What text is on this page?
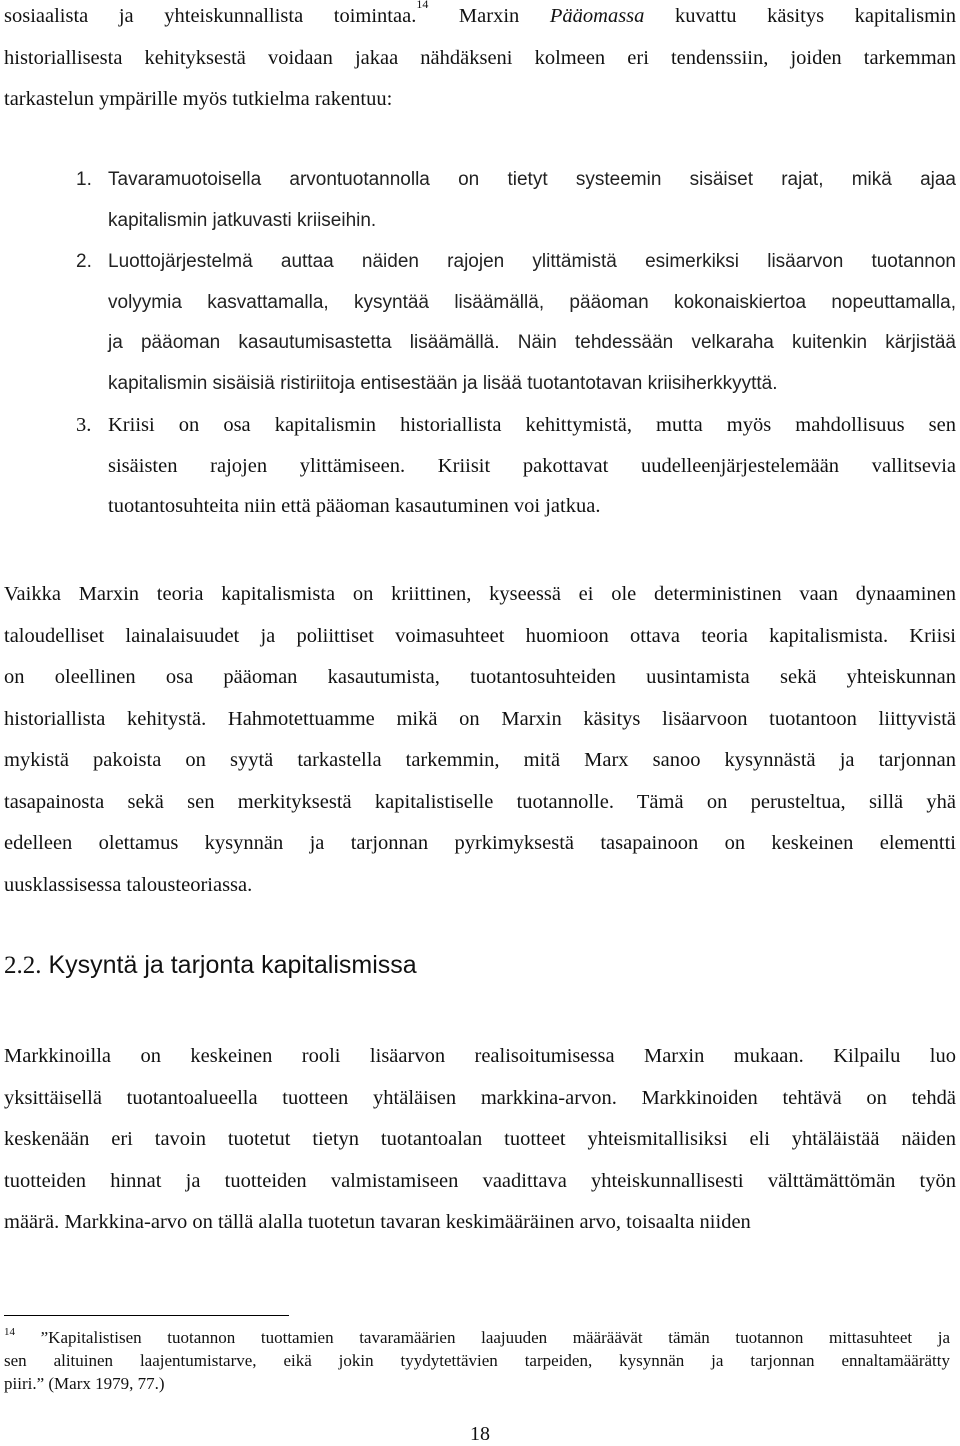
sosiaalista ja yhteiskunnallista toimintaa.$^{14}$ Marxin Pääomassa kuvattu käsitys kapitalismin
historiallisesta kehityksestä voidaan jakaa nähdäkseni kolmeen eri tendenssiin, joiden tarkemman
tarkastelun ympärille myös tutkielma rakentuu:

1. Tavaramuotoisella arvontuotannolla on tietyt systeemin sisäiset rajat, mikä ajaa
kapitalismin jatkuvasti kriiseihin.
2. Luottojärjestelmä auttaa näiden rajojen ylittämistä esimerkiksi lisäarvon tuotannon
volyymia kasvattamalla, kysyntää lisäämällä, pääoman kokonaiskiertoa nopeuttamalla,
ja pääoman kasautumisastetta lisäämällä. Näin tehdessään velkaraha kuitenkin kärjistää
kapitalismin sisäisiä ristiriitoja entisestään ja lisää tuotantotavan kriisiherkkyyttä.
3. Kriisi on osa kapitalismin historiallista kehittymistä, mutta myös mahdollisuus sen
sisäisten rajojen ylittämiseen. Kriisit pakottavat uudelleenjärjestelemään vallitsevia
tuotantosuhteita niin että pääoman kasautuminen voi jatkua.

Vaikka Marxin teoria kapitalismista on kriittinen, kyseessä ei ole deterministinen vaan dynaaminen
taloudelliset lainalaisuudet ja poliittiset voimasuhteet huomioon ottava teoria kapitalismista. Kriisi
on oleellinen osa pääoman kasautumista, tuotantosuhteiden uusintamista sekä yhteiskunnan
historiallista kehitystä. Hahmotettuamme mikä on Marxin käsitys lisäarvoon tuotantoon liittyvistä
mykistä pakoista on syytä tarkastella tarkemmin, mitä Marx sanoo kysynnästä ja tarjonnan
tasapainosta sekä sen merkityksestä kapitalistiselle tuotannolle. Tämä on perusteltua, sillä yhä
edelleen olettamus kysynnän ja tarjonnan pyrkimyksestä tasapainoon on keskeinen elementti
uusklassisessa talousteoriassa.

2.2. Kysyntä ja tarjonta kapitalismissa

Markkinoilla on keskeinen rooli lisäarvon realisoitumisessa Marxin mukaan. Kilpailu luo
yksittäisellä tuotantoalueella tuotteen yhtäläisen markkina-arvon. Markkinoiden tehtävä on tehdä
keskenään eri tavoin tuotetut tietyn tuotantoalan tuotteet yhteismitallisiksi eli yhtäläistää näiden
tuotteiden hinnat ja tuotteiden valmistamiseen vaadittava yhteiskunnallisesti välttämättömän työn
määrä. Markkina-arvo on tällä alalla tuotetun tavaran keskimääräinen arvo, toisaalta niiden

$^{14}$ ”Kapitalistisen tuotannon tuottamien tavaramäärien laajuuden määräävät tämän tuotannon mittasuhteet ja
sen alituinen laajentumistarve, eikä jokin tyydytettävien tarpeiden, kysynnän ja tarjonnan ennaltamäärätty
piiri.” (Marx 1979, 77.)

18
